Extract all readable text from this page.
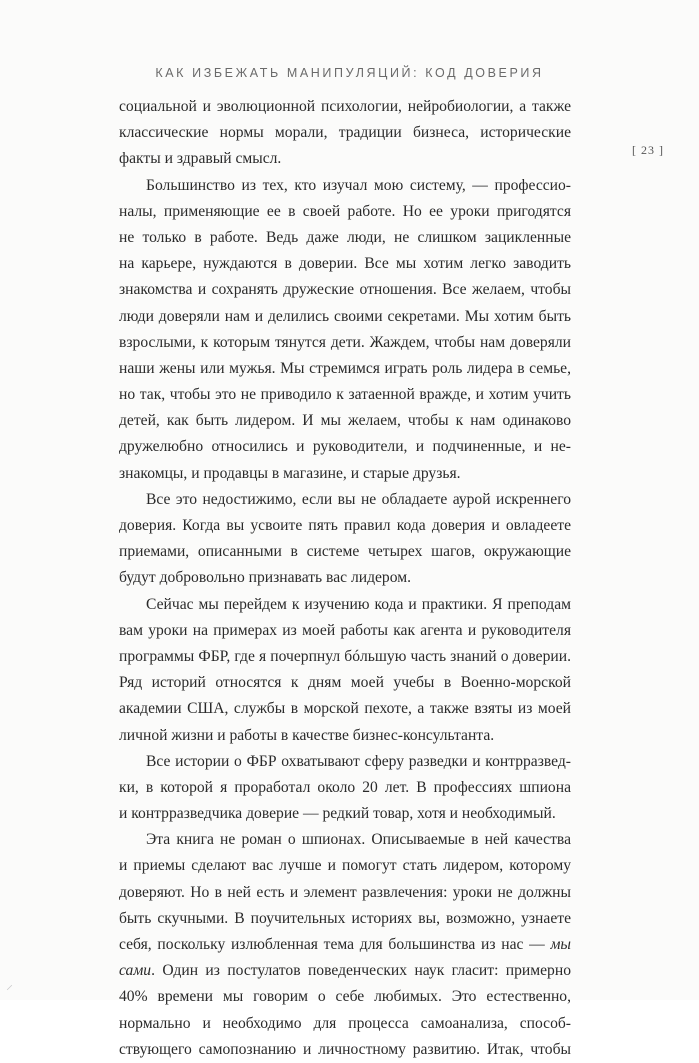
КАК ИЗБЕЖАТЬ МАНИПУЛЯЦИЙ: КОД ДОВЕРИЯ
[ 23 ]
социальной и эволюционной психологии, нейробиологии, а также
классические нормы морали, традиции бизнеса, исторические
факты и здравый смысл.
Большинство из тех, кто изучал мою систему, — профессио-
налы, применяющие ее в своей работе. Но ее уроки пригодятся
не только в работе. Ведь даже люди, не слишком зацикленные
на карьере, нуждаются в доверии. Все мы хотим легко заводить
знакомства и сохранять дружеские отношения. Все желаем, чтобы
люди доверяли нам и делились своими секретами. Мы хотим быть
взрослыми, к которым тянутся дети. Жаждем, чтобы нам доверяли
наши жены или мужья. Мы стремимся играть роль лидера в семье,
но так, чтобы это не приводило к затаенной вражде, и хотим учить
детей, как быть лидером. И мы желаем, чтобы к нам одинаково
дружелюбно относились и руководители, и подчиненные, и не-
знакомцы, и продавцы в магазине, и старые друзья.
Все это недостижимо, если вы не обладаете аурой искреннего
доверия. Когда вы усвоите пять правил кода доверия и овладеете
приемами, описанными в системе четырех шагов, окружающие
будут добровольно признавать вас лидером.
Сейчас мы перейдем к изучению кода и практики. Я преподам
вам уроки на примерах из моей работы как агента и руководителя
программы ФБР, где я почерпнул бóльшую часть знаний о доверии.
Ряд историй относятся к дням моей учебы в Военно-морской
академии США, службы в морской пехоте, а также взяты из моей
личной жизни и работы в качестве бизнес-консультанта.
Все истории о ФБР охватывают сферу разведки и контрразвед-
ки, в которой я проработал около 20 лет. В профессиях шпиона
и контрразведчика доверие — редкий товар, хотя и необходимый.
Эта книга не роман о шпионах. Описываемые в ней качества
и приемы сделают вас лучше и помогут стать лидером, которому
доверяют. Но в ней есть и элемент развлечения: уроки не должны
быть скучными. В поучительных историях вы, возможно, узнаете
себя, поскольку излюбленная тема для большинства из нас — мы
сами. Один из постулатов поведенческих наук гласит: примерно
40% времени мы говорим о себе любимых. Это естественно,
нормально и необходимо для процесса самоанализа, способ-
ствующего самопознанию и личностному развитию. Итак, чтобы
⸝
